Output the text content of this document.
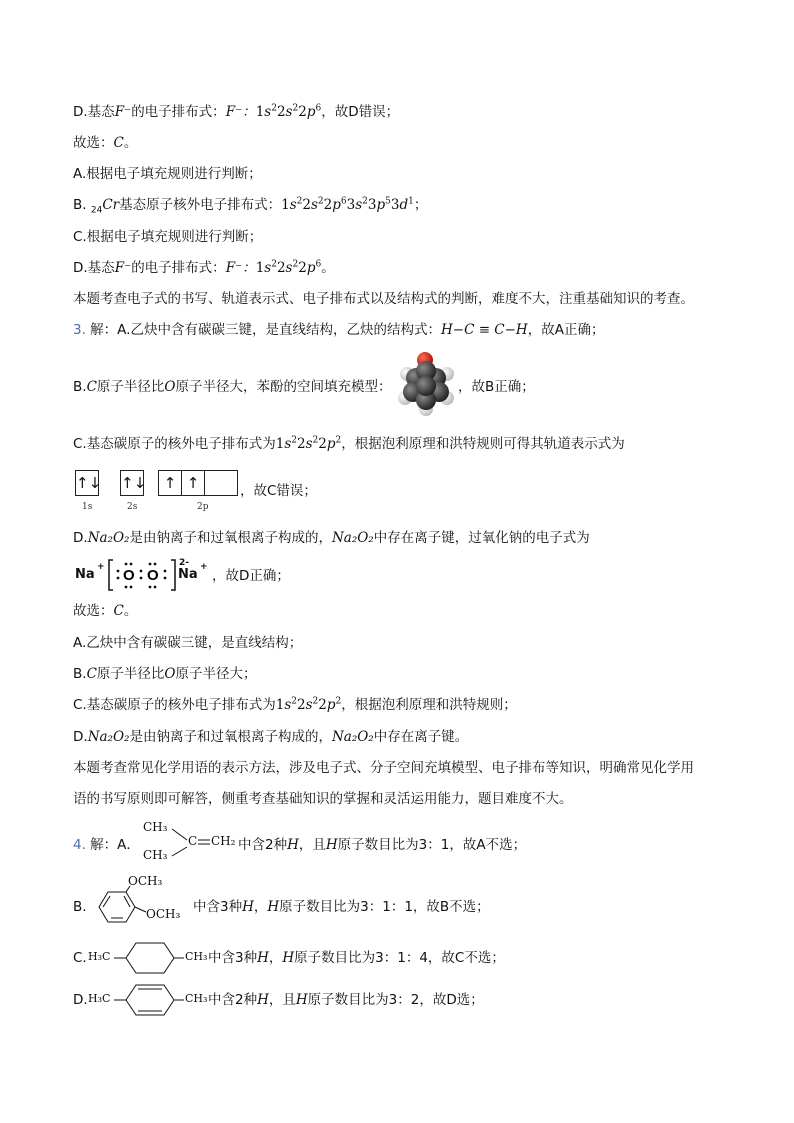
D.基态F⁻的电子排布式：F⁻：$1s^22s^22p^6$，故D错误；
故选：C。
A.根据电子填充规则进行判断；
B. $_{24}$Cr基态原子核外电子排布式：$1s^22s^22p^63s^23p^53d^1$；
C.根据电子填充规则进行判断；
D.基态F⁻的电子排布式：F⁻：$1s^22s^22p^6$。
本题考查电子式的书写、轨道表示式、电子排布式以及结构式的判断，难度不大，注重基础知识的考查。
3. 解：A.乙炔中含有碳碳三键，是直线结构，乙炔的结构式：H−C ≡ C−H，故A正确；
B.C原子半径比O原子半径大，苯酚的空间填充模型：	，故B正确；
C.基态碳原子的核外电子排布式为$1s^22s^22p^2$，根据泡利原理和洪特规则可得其轨道表示式为
↑↓ ↑↓	↑ ↑
1s	2s	2p
，故C错误；
D.Na₂O₂是由钠离子和过氧根离子构成的，Na₂O₂中存在离子键，过氧化钠的电子式为
Na + O O
2-
Na +
，故D正确；
故选：C。
A.乙炔中含有碳碳三键，是直线结构；
B.C原子半径比O原子半径大；
C.基态碳原子的核外电子排布式为$1s^22s^22p^2$，根据泡利原理和洪特规则；
D.Na₂O₂是由钠离子和过氧根离子构成的，Na₂O₂中存在离子键。
本题考查常见化学用语的表示方法，涉及电子式、分子空间充填模型、电子排布等知识，明确常见化学用
语的书写原则即可解答，侧重考查基础知识的掌握和灵活运用能力，题目难度不大。
4. 解：A．
CH₃
CH₃
C CH₂ 中含2种H，且H原子数目比为3：1，故A不选；
B.
OCH₃
OCH₃ 中含3种H，H原子数目比为3：1：1，故B不选；
C. H₃C	CH₃ 中含3种H，H原子数目比为3：1：4，故C不选；
D. H₃C	CH₃ 中含2种H，且H原子数目比为3：2，故D选；
